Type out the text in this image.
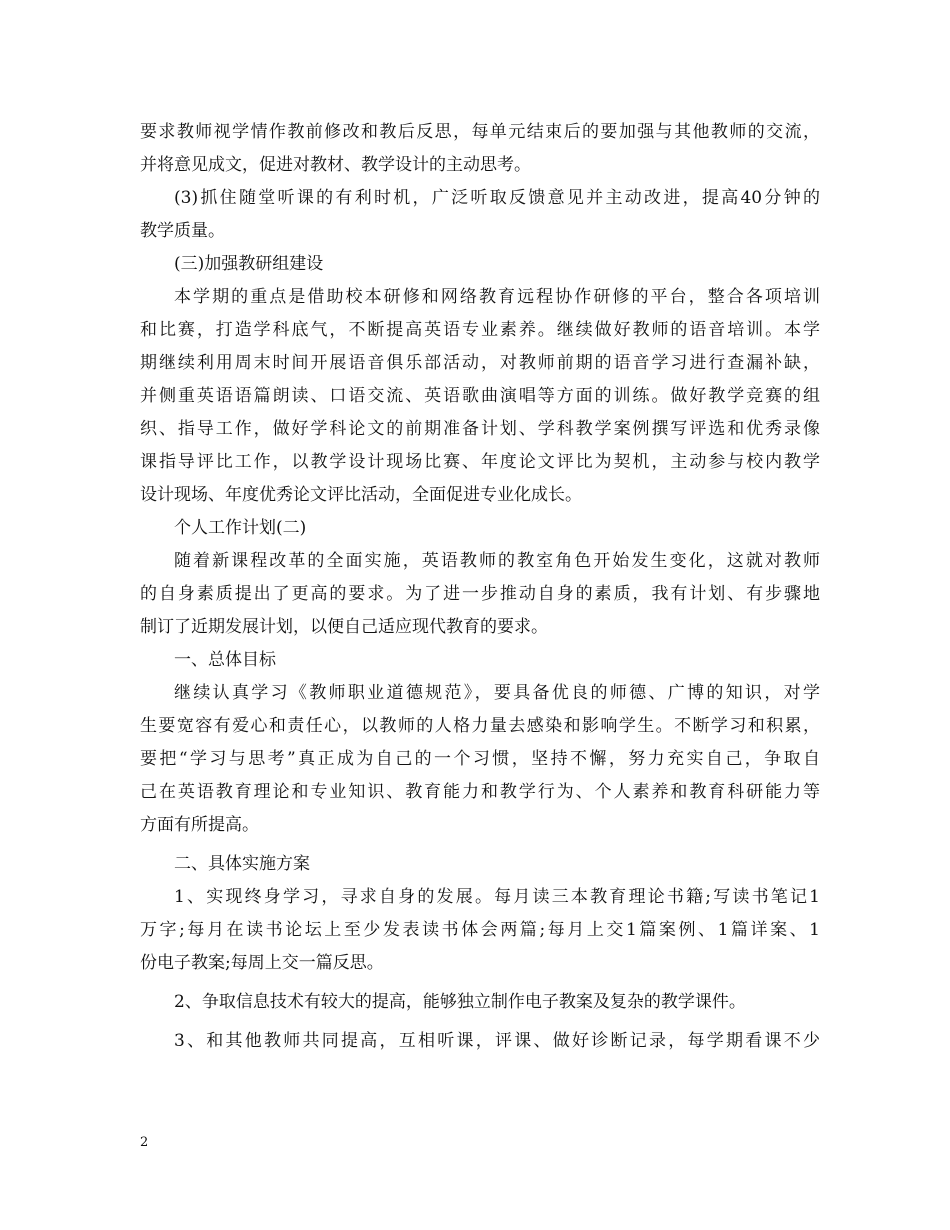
要求教师视学情作教前修改和教后反思，每单元结束后的要加强与其他教师的交流，
并将意见成文，促进对教材、教学设计的主动思考。
(3)抓住随堂听课的有利时机，广泛听取反馈意见并主动改进，提高40分钟的
教学质量。
(三)加强教研组建设
本学期的重点是借助校本研修和网络教育远程协作研修的平台，整合各项培训
和比赛，打造学科底气，不断提高英语专业素养。继续做好教师的语音培训。本学
期继续利用周末时间开展语音俱乐部活动，对教师前期的语音学习进行查漏补缺，
并侧重英语语篇朗读、口语交流、英语歌曲演唱等方面的训练。做好教学竞赛的组
织、指导工作，做好学科论文的前期准备计划、学科教学案例撰写评选和优秀录像
课指导评比工作，以教学设计现场比赛、年度论文评比为契机，主动参与校内教学
设计现场、年度优秀论文评比活动，全面促进专业化成长。
个人工作计划(二)
随着新课程改革的全面实施，英语教师的教室角色开始发生变化，这就对教师
的自身素质提出了更高的要求。为了进一步推动自身的素质，我有计划、有步骤地
制订了近期发展计划，以便自己适应现代教育的要求。
一、总体目标
继续认真学习《教师职业道德规范》，要具备优良的师德、广博的知识，对学
生要宽容有爱心和责任心，以教师的人格力量去感染和影响学生。不断学习和积累，
要把“学习与思考”真正成为自己的一个习惯，坚持不懈，努力充实自己，争取自
己在英语教育理论和专业知识、教育能力和教学行为、个人素养和教育科研能力等
方面有所提高。
二、具体实施方案
1、实现终身学习，寻求自身的发展。每月读三本教育理论书籍;写读书笔记1
万字;每月在读书论坛上至少发表读书体会两篇;每月上交1篇案例、1篇详案、1
份电子教案;每周上交一篇反思。
2、争取信息技术有较大的提高，能够独立制作电子教案及复杂的教学课件。
3、和其他教师共同提高，互相听课，评课、做好诊断记录，每学期看课不少
2
